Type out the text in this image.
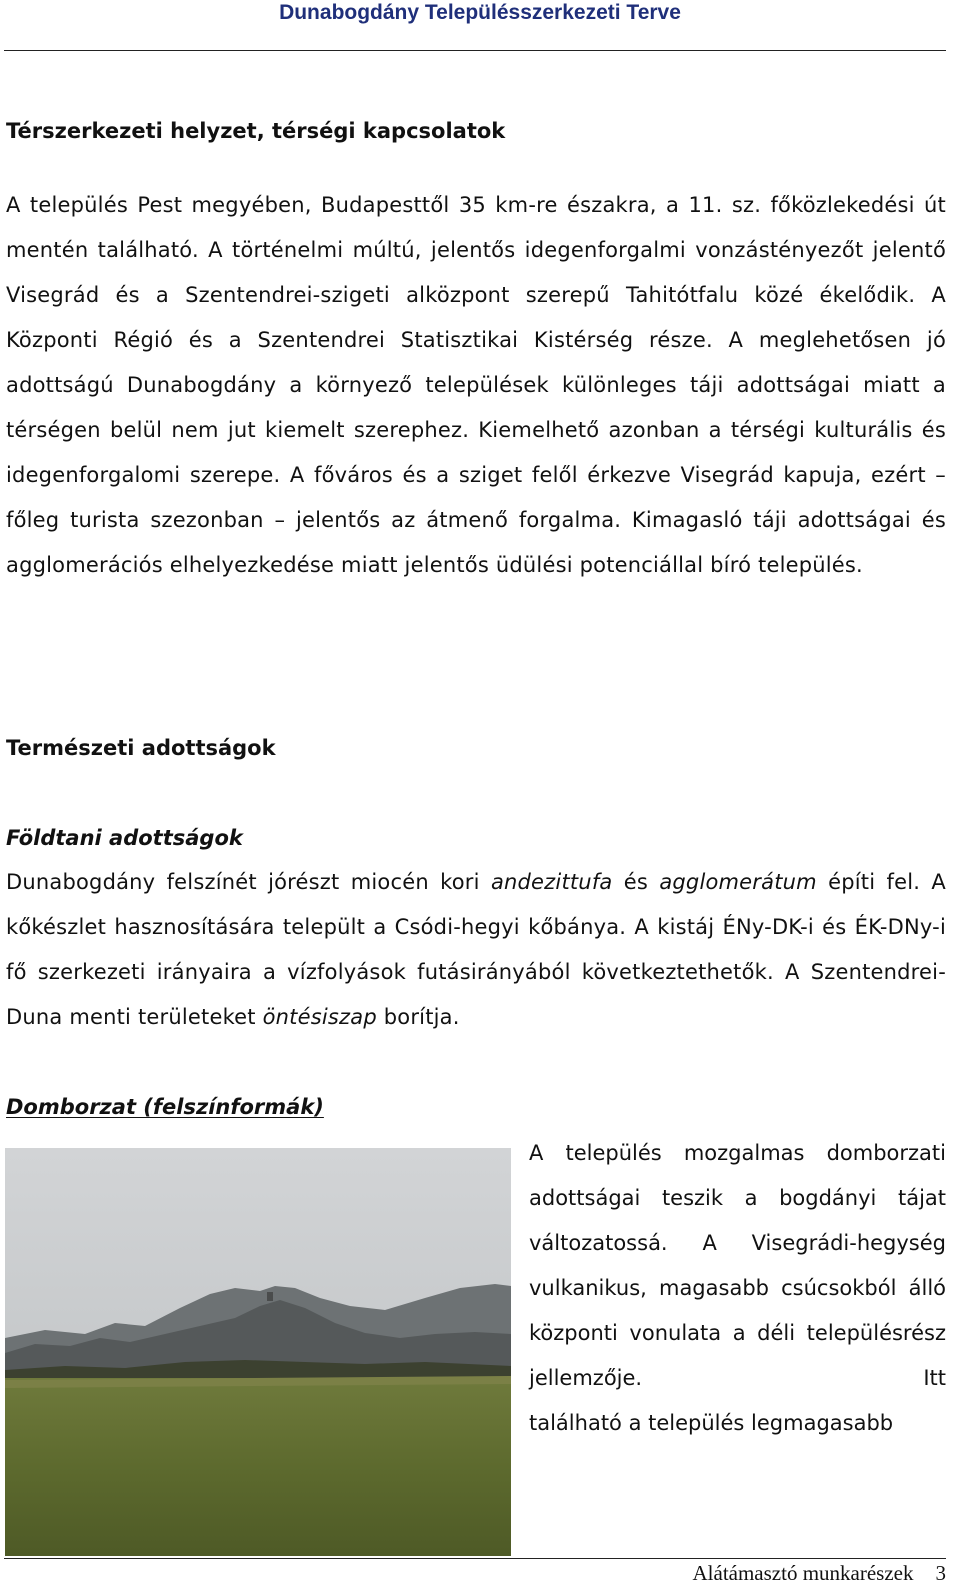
Dunabogdány Településszerkezeti Terve
Térszerkezeti helyzet, térségi kapcsolatok

A település Pest megyében, Budapesttől 35 km-re északra, a 11. sz. főközlekedési út mentén található. A történelmi múltú, jelentős idegenforgalmi vonzástényezőt jelentő Visegrád és a Szentendrei-szigeti alközpont szerepű Tahitótfalu közé ékelődik. A Központi Régió és a Szentendrei Statisztikai Kistérség része. A meglehetősen jó adottságú Dunabogdány a környező települések különleges táji adottságai miatt a térségen belül nem jut kiemelt szerephez. Kiemelhető azonban a térségi kulturális és idegenforgalomi szerepe. A főváros és a sziget felől érkezve Visegrád kapuja, ezért – főleg turista szezonban – jelentős az átmenő forgalma. Kimagasló táji adottságai és agglomerációs elhelyezkedése miatt jelentős üdülési potenciállal bíró település.

Természeti adottságok
Földtani adottságok

Dunabogdány felszínét jórészt miocén kori andezittufa és agglomerátum építi fel. A kőkészlet hasznosítására települt a Csódi-hegyi kőbánya. A kistáj ÉNy-DK-i és ÉK-DNy-i fő szerkezeti irányaira a vízfolyások futásirányából következtethetők. A Szentendrei-Duna menti területeket öntésiszap borítja.

Domborzat (felszínformák)

A település mozgalmas domborzati adottságai teszik a bogdányi tájat változatossá. A Visegrádi-hegység vulkanikus, magasabb csúcsokból álló központi vonulata a déli településrész jellemzője. Itt
található a település legmagasabb

Alátámasztó munkarészek 3
